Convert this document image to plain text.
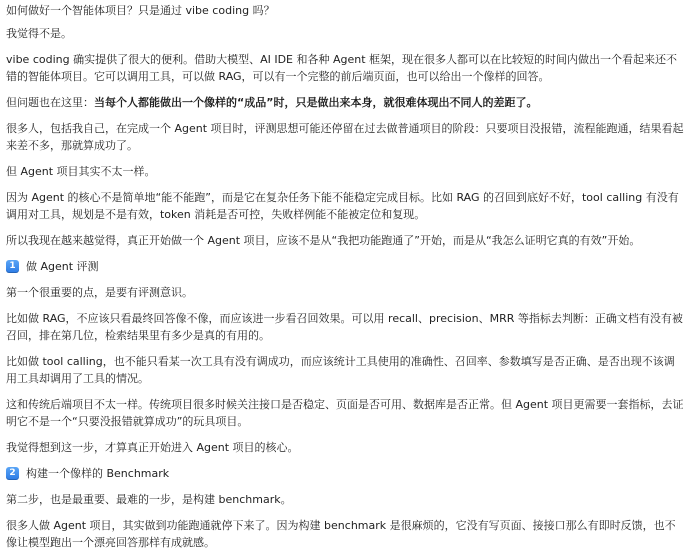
如何做好一个智能体项目？只是通过 vibe coding 吗？

我觉得不是。

vibe coding 确实提供了很大的便利。借助大模型、AI IDE 和各种 Agent 框架，现在很多人都可以在比较短的时间内做出一个看起来还不错的智能体项目。它可以调用工具，可以做 RAG，可以有一个完整的前后端页面，也可以给出一个像样的回答。

但问题也在这里：当每个人都能做出一个像样的“成品”时，只是做出来本身，就很难体现出不同人的差距了。

很多人，包括我自己，在完成一个 Agent 项目时，评测思想可能还停留在过去做普通项目的阶段：只要项目没报错，流程能跑通，结果看起来差不多，那就算成功了。

但 Agent 项目其实不太一样。

因为 Agent 的核心不是简单地“能不能跑”，而是它在复杂任务下能不能稳定完成目标。比如 RAG 的召回到底好不好，tool calling 有没有调用对工具，规划是不是有效，token 消耗是否可控，失败样例能不能被定位和复现。

所以我现在越来越觉得，真正开始做一个 Agent 项目，应该不是从“我把功能跑通了”开始，而是从“我怎么证明它真的有效”开始。

1 做 Agent 评测

第一个很重要的点，是要有评测意识。

比如做 RAG，不应该只看最终回答像不像，而应该进一步看召回效果。可以用 recall、precision、MRR 等指标去判断：正确文档有没有被召回，排在第几位，检索结果里有多少是真的有用的。

比如做 tool calling，也不能只看某一次工具有没有调成功，而应该统计工具使用的准确性、召回率、参数填写是否正确、是否出现不该调用工具却调用了工具的情况。

这和传统后端项目不太一样。传统项目很多时候关注接口是否稳定、页面是否可用、数据库是否正常。但 Agent 项目更需要一套指标，去证明它不是一个“只要没报错就算成功”的玩具项目。

我觉得想到这一步，才算真正开始进入 Agent 项目的核心。

2 构建一个像样的 Benchmark

第二步，也是最重要、最难的一步，是构建 benchmark。

很多人做 Agent 项目，其实做到功能跑通就停下来了。因为构建 benchmark 是很麻烦的，它没有写页面、接接口那么有即时反馈，也不像让模型跑出一个漂亮回答那样有成就感。
